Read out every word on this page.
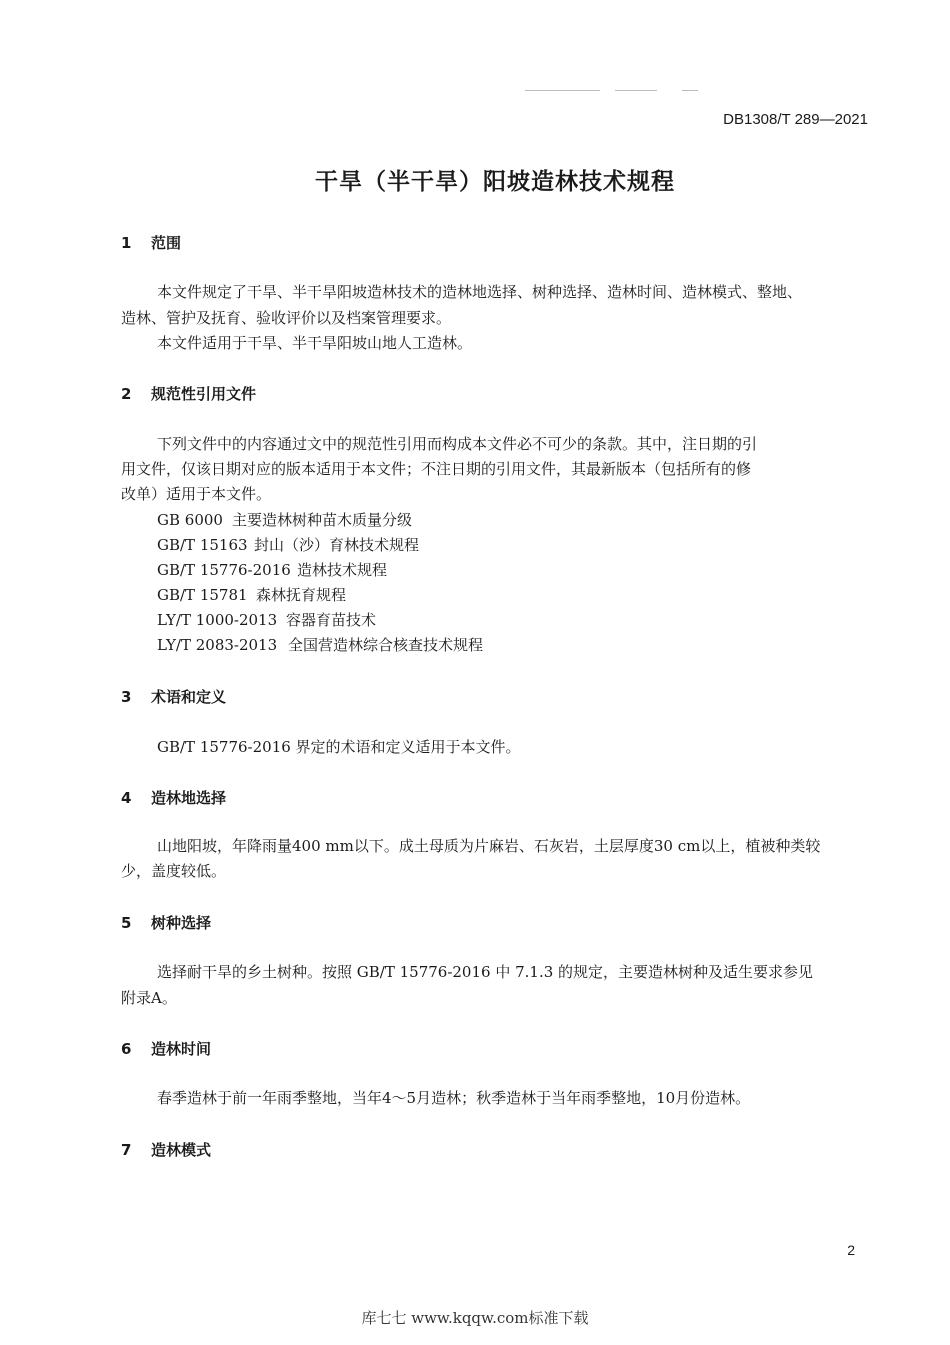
DB1308/T 289—2021
干旱（半干旱）阳坡造林技术规程
1 范围
本文件规定了干旱、半干旱阳坡造林技术的造林地选择、树种选择、造林时间、造林模式、整地、
造林、管护及抚育、验收评价以及档案管理要求。
本文件适用于干旱、半干旱阳坡山地人工造林。
2 规范性引用文件
下列文件中的内容通过文中的规范性引用而构成本文件必不可少的条款。其中，注日期的引
用文件，仅该日期对应的版本适用于本文件；不注日期的引用文件，其最新版本（包括所有的修
改单）适用于本文件。
GB 6000 主要造林树种苗木质量分级
GB/T 15163 封山（沙）育林技术规程
GB/T 15776-2016 造林技术规程
GB/T 15781 森林抚育规程
LY/T 1000-2013 容器育苗技术
LY/T 2083-2013 全国营造林综合核查技术规程
3 术语和定义
GB/T 15776-2016 界定的术语和定义适用于本文件。
4 造林地选择
山地阳坡，年降雨量400 mm以下。成土母质为片麻岩、石灰岩，土层厚度30 cm以上，植被种类较
少，盖度较低。
5 树种选择
选择耐干旱的乡土树种。按照 GB/T 15776-2016 中 7.1.3 的规定，主要造林树种及适生要求参见
附录A。
6 造林时间
春季造林于前一年雨季整地，当年4～5月造林；秋季造林于当年雨季整地，10月份造林。
7 造林模式
2
库七七 www.kqqw.com标准下载
